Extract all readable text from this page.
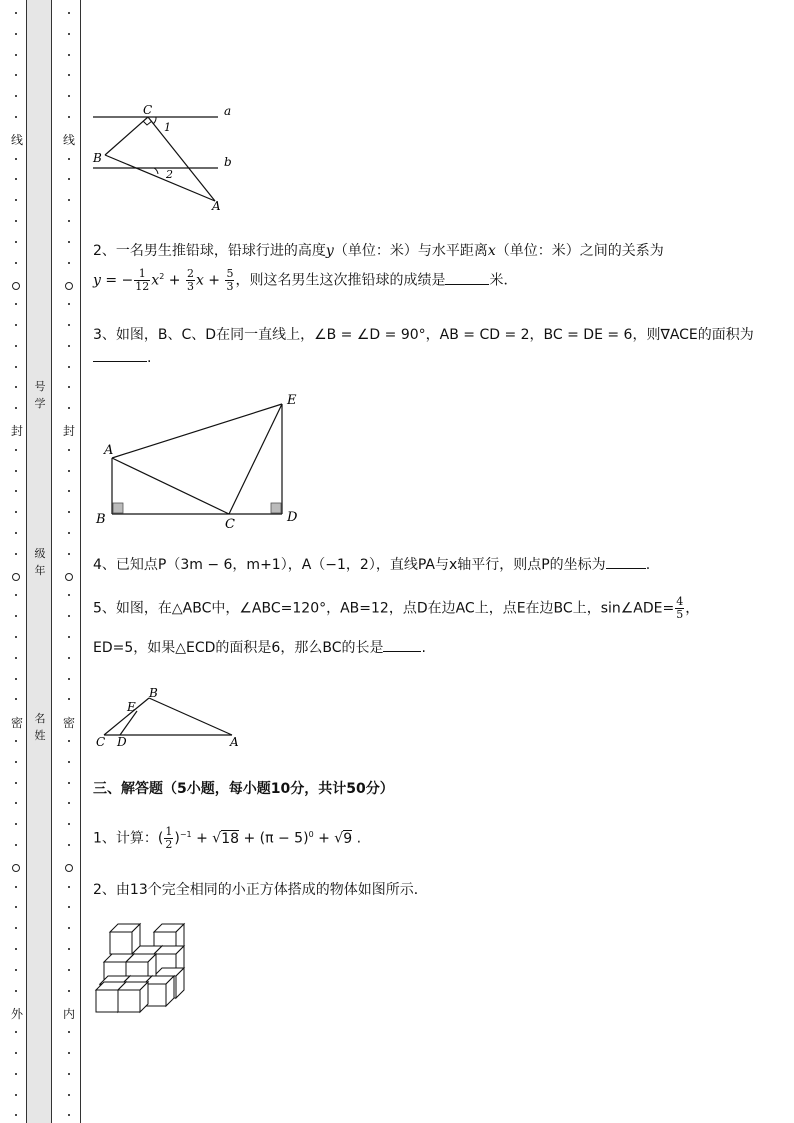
号学
级年
名姓
线
封
密
外
线
封
密
内
C
B
A
a
b
1
2
2、一名男生推铅球，铅球行进的高度y（单位：米）与水平距离x（单位：米）之间的关系为
y = − $\frac{1}{12} x^2 + \frac{2}{3}$ $x + \frac{5}{3}$ ，则这名男生这次推铅球的成绩是	米．
3、如图，B、C、D在同一直线上，∠B = ∠D = 90°，AB = CD = 2，BC = DE = 6，则∇ACE的面积为
.
A
B	C	D
E
4、已知点P（3m − 6，m+1），A（−1，2），直线PA与x轴平行，则点P的坐标为	.
5、如图，在△ABC中，∠ABC=120°，AB=12，点D在边AC上，点E在边BC上，sin∠ADE= $\frac{4}{5}$ ，
ED=5，如果△ECD的面积是6，那么BC的长是	.
B
E
C D	A
三、解答题（5小题，每小题10分，共计50分）
1、计算：( $\frac{1}{2} )^{-1} + √18 + (\pi - 5)^0 + √9$ .
2、由13个完全相同的小正方体搭成的物体如图所示．
